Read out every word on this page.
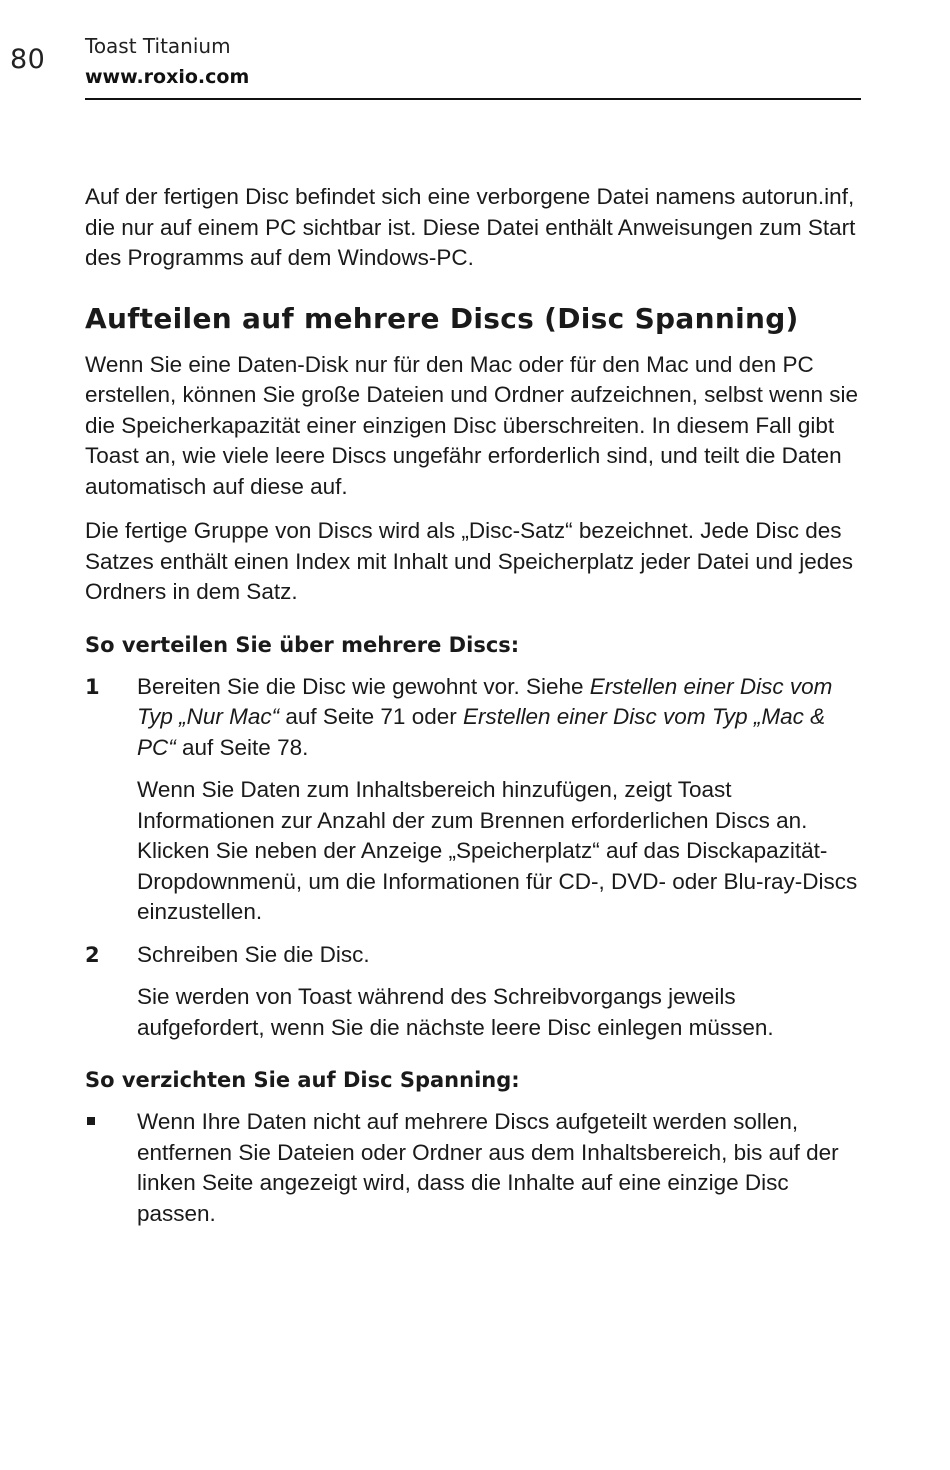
80 Toast Titanium
www.roxio.com

Auf der fertigen Disc befindet sich eine verborgene Datei namens autorun.inf, die nur auf einem PC sichtbar ist. Diese Datei enthält Anweisungen zum Start des Programms auf dem Windows-PC.

Aufteilen auf mehrere Discs (Disc Spanning)

Wenn Sie eine Daten-Disk nur für den Mac oder für den Mac und den PC erstellen, können Sie große Dateien und Ordner aufzeichnen, selbst wenn sie die Speicherkapazität einer einzigen Disc überschreiten. In diesem Fall gibt Toast an, wie viele leere Discs ungefähr erforderlich sind, und teilt die Daten automatisch auf diese auf.

Die fertige Gruppe von Discs wird als „Disc-Satz“ bezeichnet. Jede Disc des Satzes enthält einen Index mit Inhalt und Speicherplatz jeder Datei und jedes Ordners in dem Satz.

So verteilen Sie über mehrere Discs:
1 Bereiten Sie die Disc wie gewohnt vor. Siehe Erstellen einer Disc vom Typ „Nur Mac“ auf Seite 71 oder Erstellen einer Disc vom Typ „Mac & PC“ auf Seite 78.

Wenn Sie Daten zum Inhaltsbereich hinzufügen, zeigt Toast Informationen zur Anzahl der zum Brennen erforderlichen Discs an. Klicken Sie neben der Anzeige „Speicherplatz“ auf das Disckapazität-Dropdownmenü, um die Informationen für CD-, DVD- oder Blu-ray-Discs einzustellen.

2 Schreiben Sie die Disc.

Sie werden von Toast während des Schreibvorgangs jeweils aufgefordert, wenn Sie die nächste leere Disc einlegen müssen.

So verzichten Sie auf Disc Spanning:

Wenn Ihre Daten nicht auf mehrere Discs aufgeteilt werden sollen, entfernen Sie Dateien oder Ordner aus dem Inhaltsbereich, bis auf der linken Seite angezeigt wird, dass die Inhalte auf eine einzige Disc passen.
